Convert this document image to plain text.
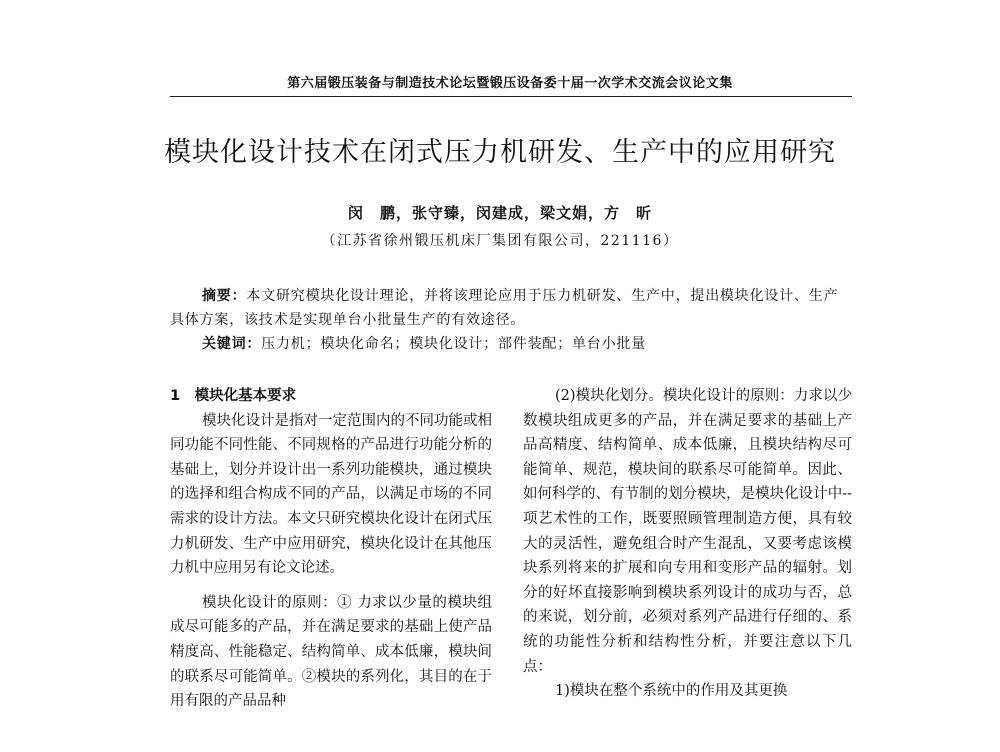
第六届锻压装备与制造技术论坛暨锻压设备委十届一次学术交流会议论文集
模块化设计技术在闭式压力机研发、生产中的应用研究
闵　鹏，张守臻，闵建成，梁文娟，方　昕
（江苏省徐州锻压机床厂集团有限公司，221116）

摘要：本文研究模块化设计理论，并将该理论应用于压力机研发、生产中，提出模块化设计、生产具体方案，该技术是实现单台小批量生产的有效途径。

关键词：压力机；模块化命名；模块化设计；部件装配；单台小批量

1　模块化基本要求

模块化设计是指对一定范围内的不同功能或相同功能不同性能、不同规格的产品进行功能分析的基础上，划分并设计出一系列功能模块，通过模块的选择和组合构成不同的产品，以满足市场的不同需求的设计方法。本文只研究模块化设计在闭式压力机研发、生产中应用研究，模块化设计在其他压力机中应用另有论文论述。

模块化设计的原则：① 力求以少量的模块组成尽可能多的产品，并在满足要求的基础上使产品精度高、性能稳定、结构简单、成本低廉，模块间的联系尽可能简单。②模块的系列化，其目的在于用有限的产品品种

(2)模块化划分。模块化设计的原则：力求以少数模块组成更多的产品，并在满足要求的基础上产品高精度、结构简单、成本低廉，且模块结构尽可能简单、规范，模块间的联系尽可能简单。因此、如何科学的、有节制的划分模块，是模块化设计中--项艺术性的工作，既要照顾管理制造方便，具有较大的灵活性，避免组合时产生混乱，又要考虑该模块系列将来的扩展和向专用和变形产品的辐射。划分的好坏直接影响到模块系列设计的成功与否，总的来说，划分前，必须对系列产品进行仔细的、系统的功能性分析和结构性分析，并要注意以下几点：

1)模块在整个系统中的作用及其更换
